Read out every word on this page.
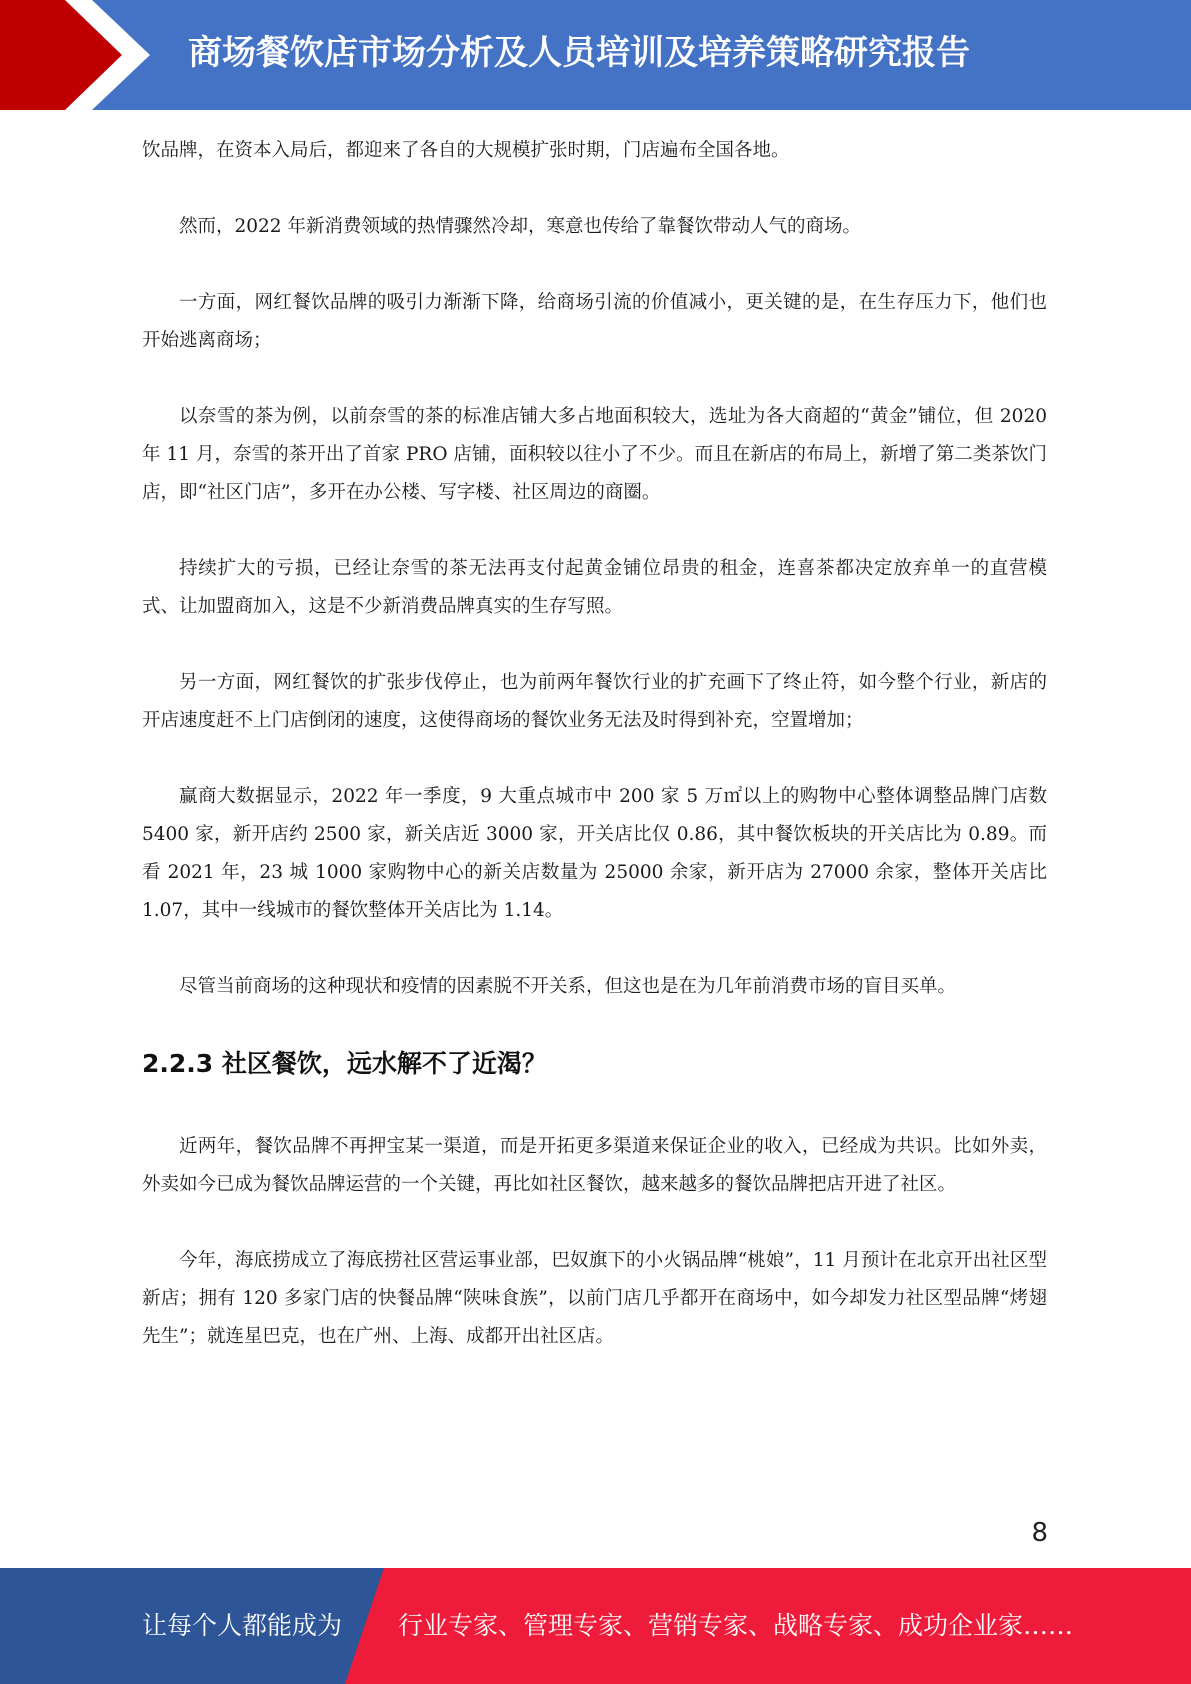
商场餐饮店市场分析及人员培训及培养策略研究报告

饮品牌，在资本入局后，都迎来了各自的大规模扩张时期，门店遍布全国各地。

然而，2022 年新消费领域的热情骤然冷却，寒意也传给了靠餐饮带动人气的商场。

一方面，网红餐饮品牌的吸引力渐渐下降，给商场引流的价值减小，更关键的是，在生存压力下，他们也开始逃离商场；

以奈雪的茶为例，以前奈雪的茶的标准店铺大多占地面积较大，选址为各大商超的“黄金”铺位，但 2020 年 11 月，奈雪的茶开出了首家 PRO 店铺，面积较以往小了不少。而且在新店的布局上，新增了第二类茶饮门店，即“社区门店”，多开在办公楼、写字楼、社区周边的商圈。

持续扩大的亏损，已经让奈雪的茶无法再支付起黄金铺位昂贵的租金，连喜茶都决定放弃单一的直营模式、让加盟商加入，这是不少新消费品牌真实的生存写照。

另一方面，网红餐饮的扩张步伐停止，也为前两年餐饮行业的扩充画下了终止符，如今整个行业，新店的开店速度赶不上门店倒闭的速度，这使得商场的餐饮业务无法及时得到补充，空置增加；

赢商大数据显示，2022 年一季度，9 大重点城市中 200 家 5 万㎡以上的购物中心整体调整品牌门店数 5400 家，新开店约 2500 家，新关店近 3000 家，开关店比仅 0.86，其中餐饮板块的开关店比为 0.89。而看 2021 年，23 城 1000 家购物中心的新关店数量为 25000 余家，新开店为 27000 余家，整体开关店比 1.07，其中一线城市的餐饮整体开关店比为 1.14。

尽管当前商场的这种现状和疫情的因素脱不开关系，但这也是在为几年前消费市场的盲目买单。

2.2.3 社区餐饮，远水解不了近渴？

近两年，餐饮品牌不再押宝某一渠道，而是开拓更多渠道来保证企业的收入，已经成为共识。比如外卖，外卖如今已成为餐饮品牌运营的一个关键，再比如社区餐饮，越来越多的餐饮品牌把店开进了社区。

今年，海底捞成立了海底捞社区营运事业部，巴奴旗下的小火锅品牌“桃娘”，11 月预计在北京开出社区型新店；拥有 120 多家门店的快餐品牌“陕味食族”，以前门店几乎都开在商场中，如今却发力社区型品牌“烤翅先生”；就连星巴克，也在广州、上海、成都开出社区店。

8
让每个人都能成为 行业专家、管理专家、营销专家、战略专家、成功企业家……
